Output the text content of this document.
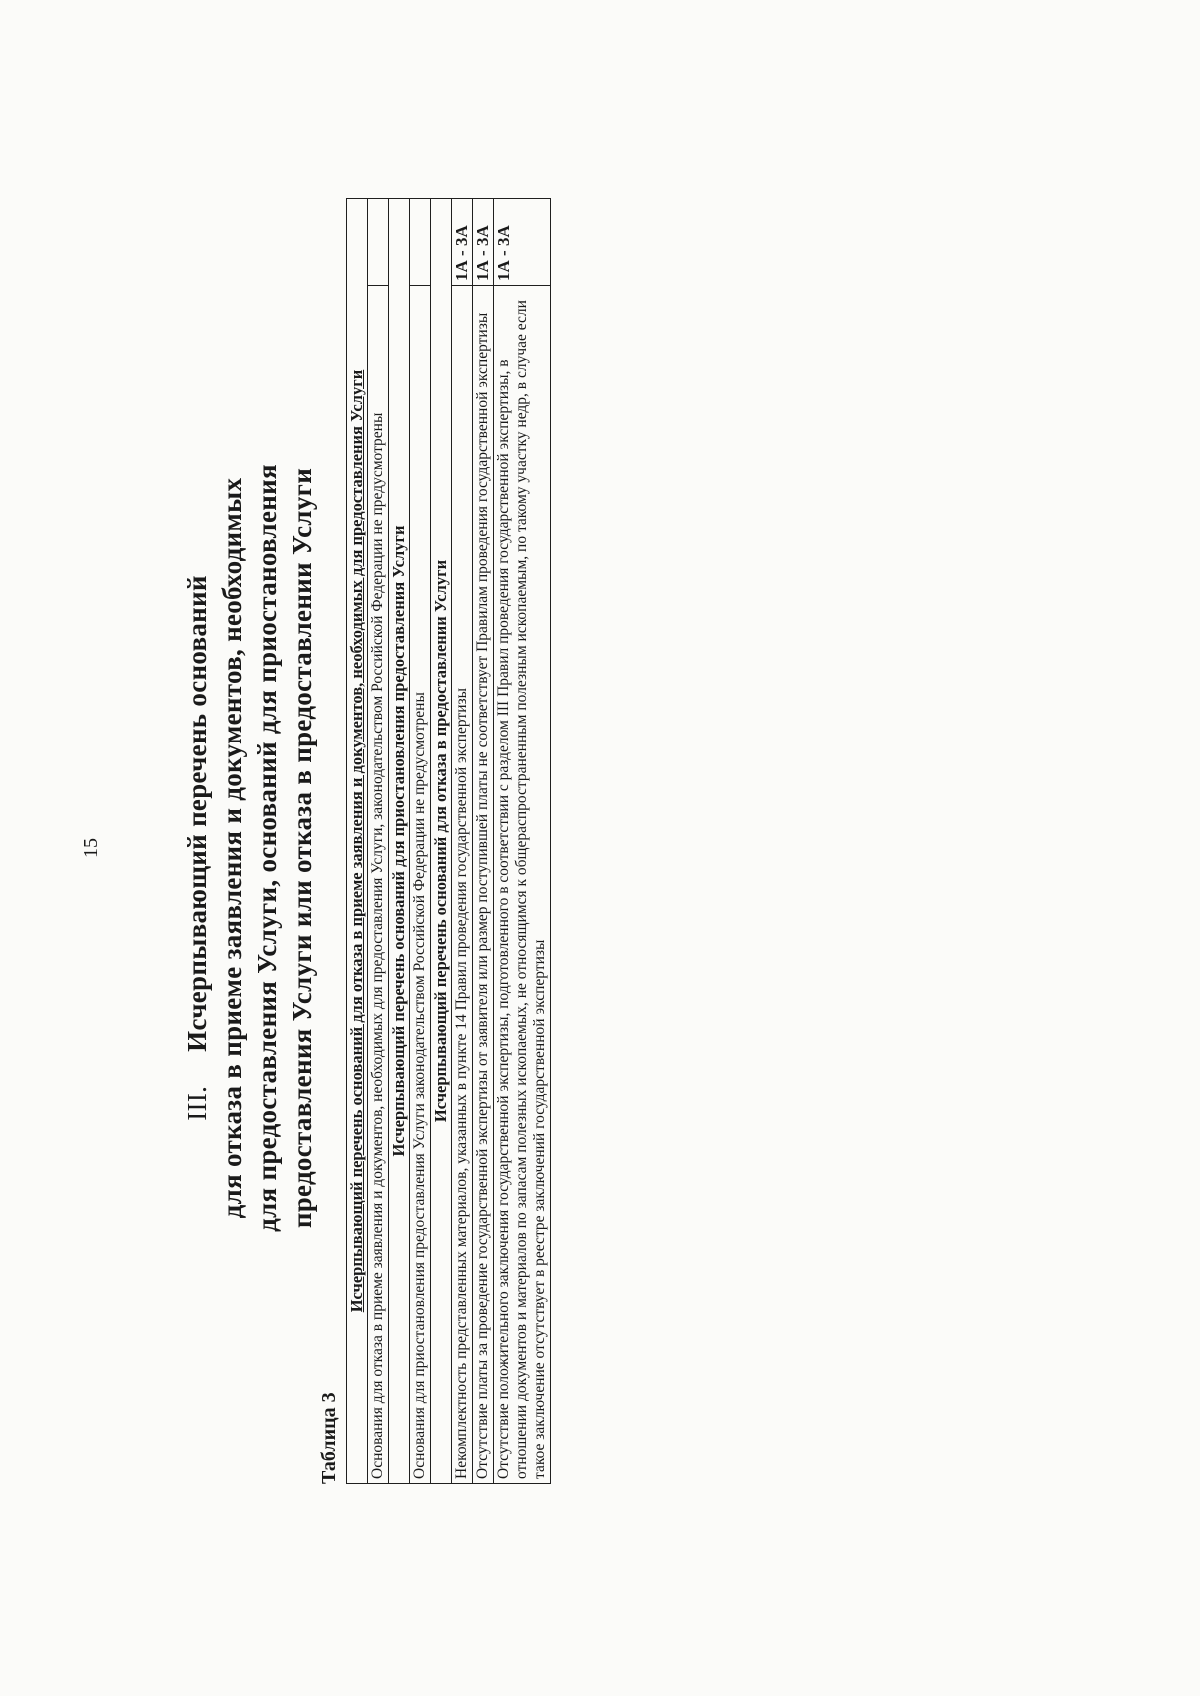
15
III.Исчерпывающий перечень оснований для отказа в приеме заявления и документов, необходимых для предоставления Услуги, оснований для приостановления предоставления Услуги или отказа в предоставлении Услуги
Таблица 3
Исчерпывающий перечень оснований для отказа в приеме заявления и документов, необходимых для предоставления Услуги	
Основания для отказа в приеме заявления и документов, необходимых для предоставления Услуги, законодательством Российской Федерации не предусмотрены	
Исчерпывающий перечень оснований для приостановления предоставления Услуги	
Основания для приостановления предоставления Услуги законодательством Российской Федерации не предусмотрены	
Исчерпывающий перечень оснований для отказа в предоставлении Услуги	
Некомплектность представленных материалов, указанных в пункте 14 Правил проведения государственной экспертизы	1А - 3А
Отсутствие платы за проведение государственной экспертизы от заявителя или размер поступившей платы не соответствует Правилам проведения государственной экспертизы	1А - 3А
Отсутствие положительного заключения государственной экспертизы, подготовленного в соответствии с разделом III Правил проведения государственной экспертизы, в отношении документов и материалов по запасам полезных ископаемых, не относящимся к общераспространенным полезным ископаемым, по такому участку недр, в случае если такое заключение отсутствует в реестре заключений государственной экспертизы	1А - 3А
